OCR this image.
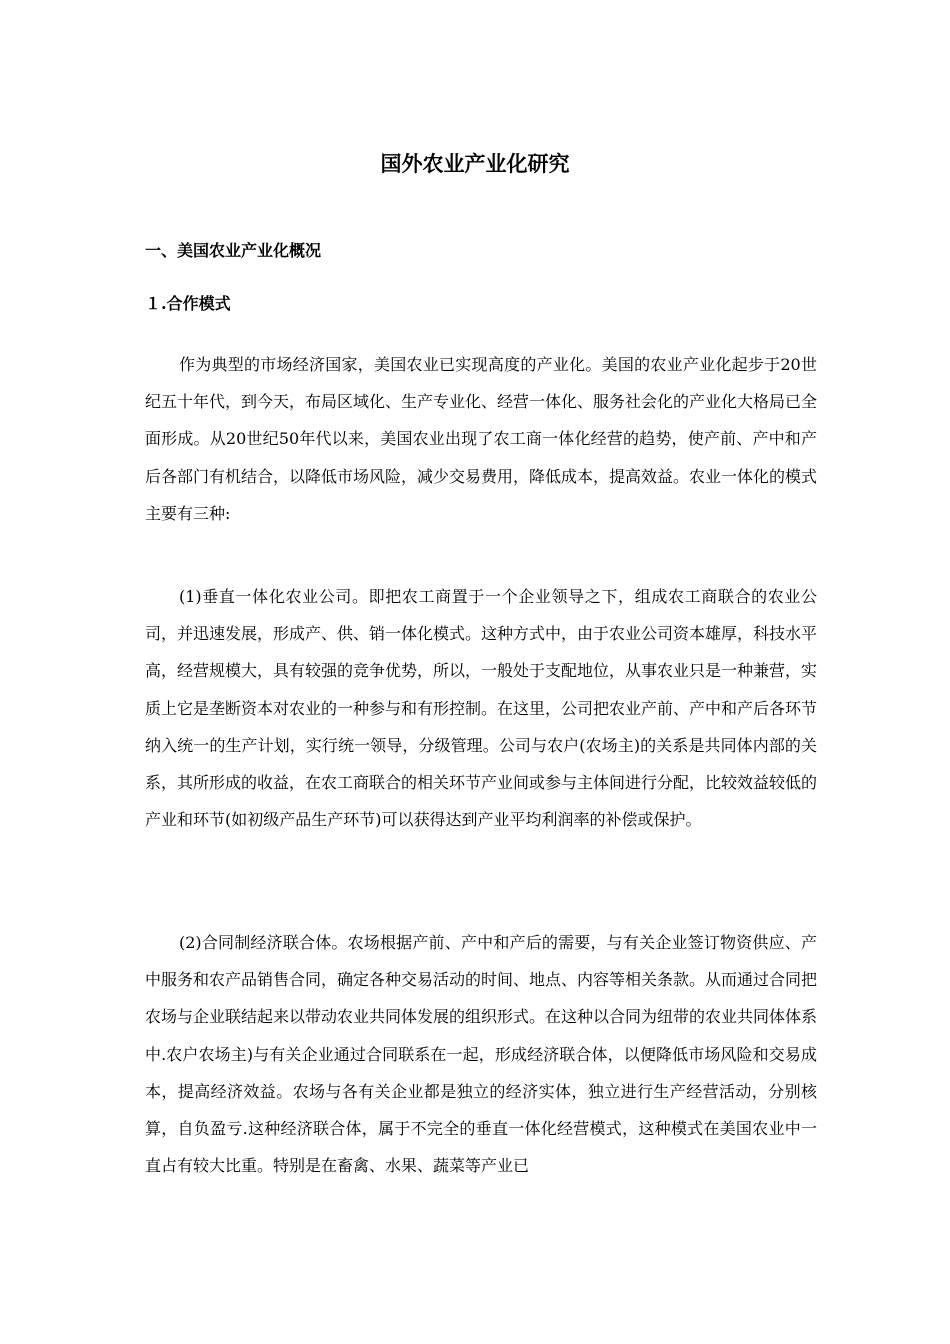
国外农业产业化研究
一、美国农业产业化概况
１.合作模式

作为典型的市场经济国家，美国农业已实现高度的产业化。美国的农业产业化起步于20世纪五十年代，到今天，布局区域化、生产专业化、经营一体化、服务社会化的产业化大格局已全面形成。从20世纪50年代以来，美国农业出现了农工商一体化经营的趋势，使产前、产中和产后各部门有机结合，以降低市场风险，减少交易费用，降低成本，提高效益。农业一体化的模式主要有三种:

(1)垂直一体化农业公司。即把农工商置于一个企业领导之下，组成农工商联合的农业公司，并迅速发展，形成产、供、销一体化模式。这种方式中，由于农业公司资本雄厚，科技水平高，经营规模大，具有较强的竞争优势，所以，一般处于支配地位，从事农业只是一种兼营，实质上它是垄断资本对农业的一种参与和有形控制。在这里，公司把农业产前、产中和产后各环节纳入统一的生产计划，实行统一领导，分级管理。公司与农户(农场主)的关系是共同体内部的关系，其所形成的收益，在农工商联合的相关环节产业间或参与主体间进行分配，比较效益较低的产业和环节(如初级产品生产环节)可以获得达到产业平均利润率的补偿或保护。

(2)合同制经济联合体。农场根据产前、产中和产后的需要，与有关企业签订物资供应、产中服务和农产品销售合同，确定各种交易活动的时间、地点、内容等相关条款。从而通过合同把农场与企业联结起来以带动农业共同体发展的组织形式。在这种以合同为纽带的农业共同体体系中.农户农场主)与有关企业通过合同联系在一起，形成经济联合体，以便降低市场风险和交易成本，提高经济效益。农场与各有关企业都是独立的经济实体，独立进行生产经营活动，分别核算，自负盈亏.这种经济联合体，属于不完全的垂直一体化经营模式，这种模式在美国农业中一直占有较大比重。特别是在畜禽、水果、蔬菜等产业已
